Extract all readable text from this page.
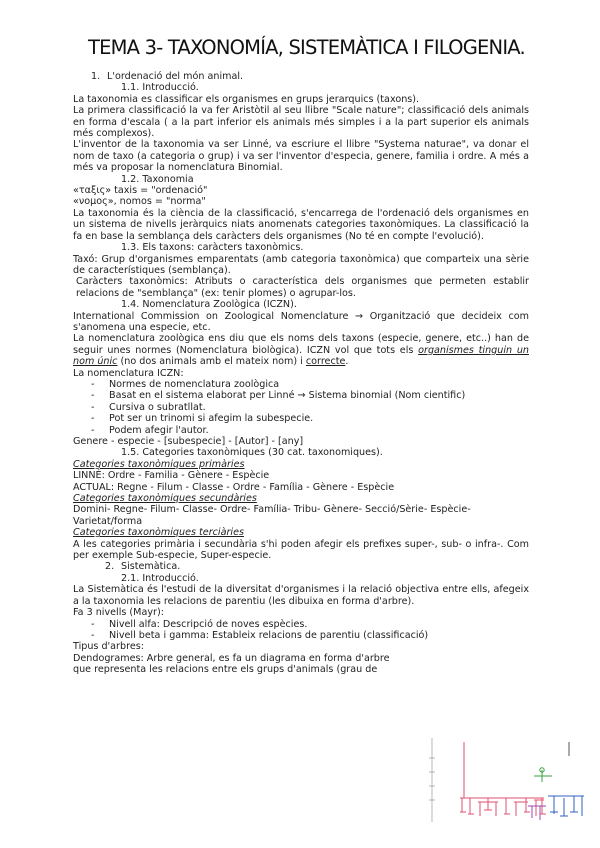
TEMA 3- TAXONOMÍA, SISTEMÀTICA I FILOGENIA.

1. L'ordenació del món animal.

1.1. Introducció.

La taxonomia es classificar els organismes en grups jerarquics (taxons).

La primera classificació la va fer Aristòtil al seu llibre "Scale nature"; classificació dels animals en forma d'escala ( a la part inferior els animals més simples i a la part superior els animals més complexos).

L'inventor de la taxonomia va ser Linné, va escriure el llibre "Systema naturae", va donar el nom de taxo (a categoria o grup) i va ser l'inventor d'especia, genere, familia i ordre. A més a més va proposar la nomenclatura Binomial.

1.2. Taxonomia

«ταξις» taxis = "ordenació"

«νομος», nomos = "norma"

La taxonomia és la ciència de la classificació, s'encarrega de l'ordenació dels organismes en un sistema de nivells jeràrquics niats anomenats categories taxonòmiques. La classificació la fa en base la semblança dels caràcters dels organismes (No té en compte l'evolució).

1.3. Els taxons: caràcters taxonòmics.

Taxó: Grup d'organismes emparentats (amb categoria taxonòmica) que comparteix una sèrie de característiques (semblança).

Caràcters taxonòmics: Atributs o característica dels organismes que permeten establir relacions de "semblança" (ex: tenir plomes) o agrupar-los.

1.4. Nomenclatura Zoològica (ICZN).

International Commission on Zoological Nomenclature → Organització que decideix com s'anomena una especie, etc.

La nomenclatura zoològica ens diu que els noms dels taxons (especie, genere, etc..) han de seguir unes normes (Nomenclatura biològica). ICZN vol que tots els organismes tinguin un nom únic (no dos animals amb el mateix nom) i correcte.

La nomenclatura ICZN:

- Normes de nomenclatura zoològica

- Basat en el sistema elaborat per Linné → Sistema binomial (Nom cientific)

- Cursiva o subratllat.

- Pot ser un trinomi si afegim la subespecie.

- Podem afegir l'autor.

Genere - especie - [subespecie] - [Autor] - [any]

1.5. Categories taxonòmiques (30 cat. taxonomiques).

Categories taxonòmiques primàries

LINNÉ: Ordre - Familia - Gènere - Espècie

ACTUAL: Regne - Filum - Classe - Ordre - Família - Gènere - Espècie

Categories taxonòmiques secundàries

Domini- Regne- Filum- Classe- Ordre- Família- Tribu- Gènere- Secció/Sèrie- Espècie- Varietat/forma

Categories taxonòmiques terciàries

A les categories primària i secundària s'hi poden afegir els prefixes super-, sub- o infra-. Com per exemple Sub-especie, Super-especie.

2. Sistemàtica.

2.1. Introducció.

La Sistemàtica és l'estudi de la diversitat d'organismes i la relació objectiva entre ells, afegeix a la taxonomia les relacions de parentiu (les dibuixa en forma d'arbre).

Fa 3 nivells (Mayr):

- Nivell alfa: Descripció de noves espècies.

- Nivell beta i gamma: Estableix relacions de parentiu (classificació)

Tipus d'arbres:

Dendogrames: Arbre general, es fa un diagrama en forma d'arbre

que representa les relacions entre els grups d'animals (grau de
